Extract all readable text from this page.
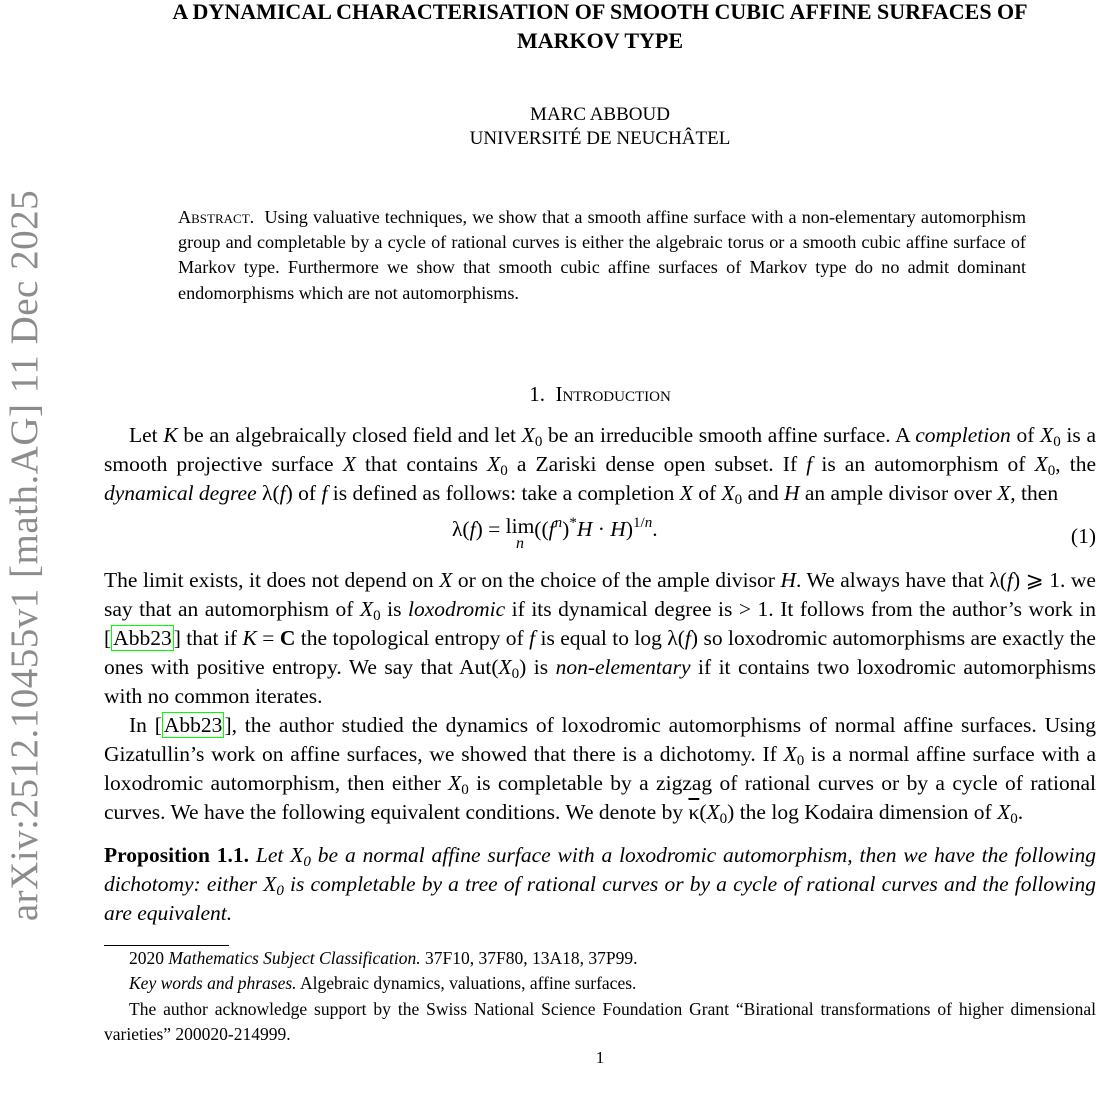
arXiv:2512.10455v1 [math.AG] 11 Dec 2025
A DYNAMICAL CHARACTERISATION OF SMOOTH CUBIC AFFINE SURFACES OF
MARKOV TYPE
MARC ABBOUD
UNIVERSITÉ DE NEUCHÂTEL
Abstract. Using valuative techniques, we show that a smooth affine surface with a non-elementary automorphism group and completable by a cycle of rational curves is either the algebraic torus or a smooth cubic affine surface of Markov type. Furthermore we show that smooth cubic affine surfaces of Markov type do no admit dominant endomorphisms which are not automorphisms.
1. Introduction

Let K be an algebraically closed field and let $X_0$ be an irreducible smooth affine surface. A completion of $X_0$ is a smooth projective surface X that contains $X_0$ a Zariski dense open subset. If f is an automorphism of $X_0$, the dynamical degree λ(f) of f is defined as follows: take a completion X of $X_0$ and H an ample divisor over X, then

λ(f) = lim
n
$((f^n)^*H \cdot H)^{1/n}$.	(1)

The limit exists, it does not depend on X or on the choice of the ample divisor H. We always have that λ(f) ⩾ 1. we say that an automorphism of $X_0$ is loxodromic if its dynamical degree is > 1. It follows from the author’s work in [Abb23] that if K = C the topological entropy of f is equal to log λ(f) so loxodromic automorphisms are exactly the ones with positive entropy. We say that $Aut(X_0)$ is non-elementary if it contains two loxodromic automorphisms with no common iterates.

In [Abb23], the author studied the dynamics of loxodromic automorphisms of normal affine surfaces. Using Gizatullin’s work on affine surfaces, we showed that there is a dichotomy. If $X_0$ is a normal affine surface with a loxodromic automorphism, then either $X_0$ is completable by a zigzag of rational curves or by a cycle of rational curves. We have the following equivalent conditions. We denote by $\overline{\kappa}(X_0)$ the log Kodaira dimension of $X_0$.

Proposition 1.1. Let $X_0$ be a normal affine surface with a loxodromic automorphism, then we have the following dichotomy: either $X_0$ is completable by a tree of rational curves or by a cycle of rational curves and the following are equivalent.
2020 Mathematics Subject Classification. 37F10, 37F80, 13A18, 37P99.
Key words and phrases. Algebraic dynamics, valuations, affine surfaces.
The author acknowledge support by the Swiss National Science Foundation Grant “Birational transformations of higher dimensional varieties” 200020-214999.
1
